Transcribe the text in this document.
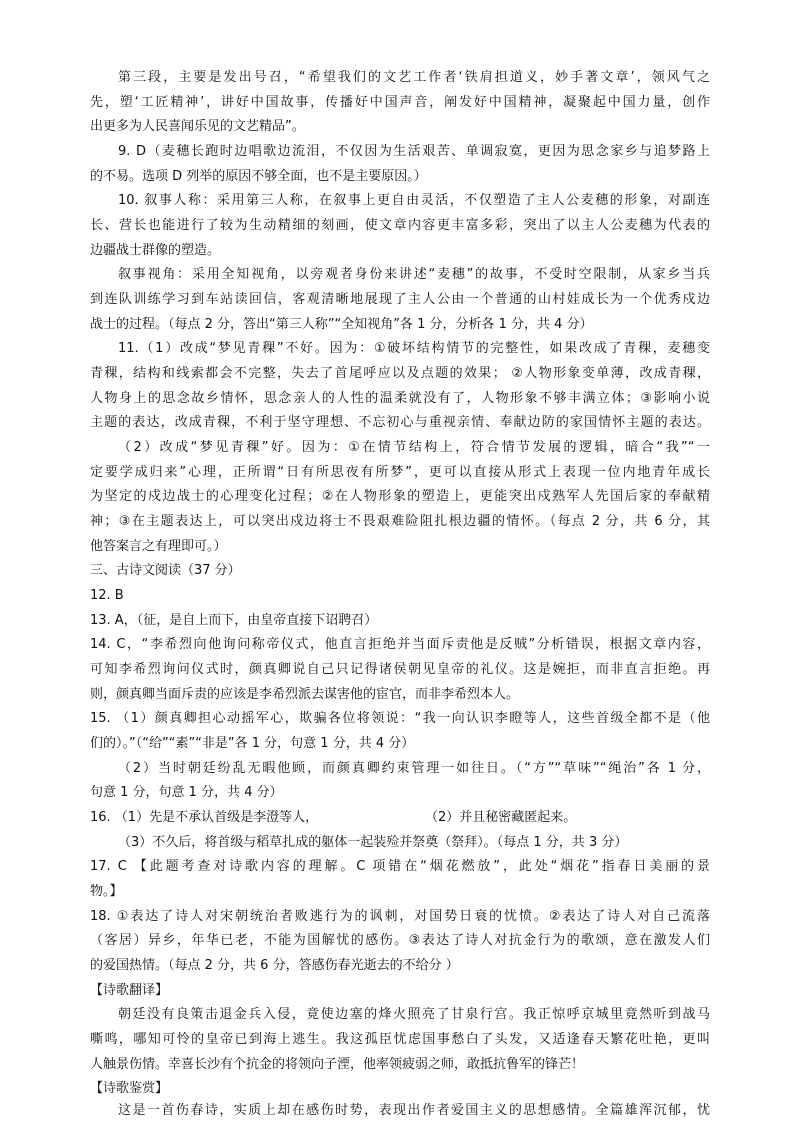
第三段，主要是发出号召，“希望我们的文艺工作者‘铁肩担道义，妙手著文章’，领风气之
先，塑‘工匠精神’，讲好中国故事，传播好中国声音，阐发好中国精神，凝聚起中国力量，创作
出更多为人民喜闻乐见的文艺精品”。
9. D（麦穗长跑时边唱歌边流泪，不仅因为生活艰苦、单调寂寞，更因为思念家乡与追梦路上
的不易。选项 D 列举的原因不够全面，也不是主要原因。）
10. 叙事人称：采用第三人称，在叙事上更自由灵活，不仅塑造了主人公麦穗的形象，对副连
长、营长也能进行了较为生动精细的刻画，使文章内容更丰富多彩，突出了以主人公麦穗为代表的
边疆战士群像的塑造。
叙事视角：采用全知视角，以旁观者身份来讲述“麦穗”的故事，不受时空限制，从家乡当兵
到连队训练学习到车站读回信，客观清晰地展现了主人公由一个普通的山村娃成长为一个优秀戍边
战士的过程。（每点 2 分，答出“第三人称”“全知视角”各 1 分，分析各 1 分，共 4 分）
11.（1）改成“梦见青稞”不好。因为：①破坏结构情节的完整性，如果改成了青稞，麦穗变
青稞，结构和线索都会不完整，失去了首尾呼应以及点题的效果； ②人物形象变单薄，改成青稞，
人物身上的思念故乡情怀，思念亲人的人性的温柔就没有了，人物形象不够丰满立体；③影响小说
主题的表达，改成青稞，不利于坚守理想、不忘初心与重视亲情、奉献边防的家国情怀主题的表达。
（2）改成“梦见青稞”好。因为：①在情节结构上，符合情节发展的逻辑，暗合“我”“一
定要学成归来”心理，正所谓“日有所思夜有所梦”，更可以直接从形式上表现一位内地青年成长
为坚定的戍边战士的心理变化过程；②在人物形象的塑造上，更能突出戍熟军人先国后家的奉献精
神；③在主题表达上，可以突出戍边将士不畏艰难险阻扎根边疆的情怀。（每点 2 分，共 6 分，其
他答案言之有理即可。）
三、古诗文阅读（37 分）
12. B
13. A，（征，是自上而下，由皇帝直接下诏聘召）
14. C，“李希烈向他询问称帝仪式，他直言拒绝并当面斥责他是反贼”分析错误，根据文章内容，
可知李希烈询问仪式时，颜真卿说自己只记得诸侯朝见皇帝的礼仪。这是婉拒，而非直言拒绝。再
则，颜真卿当面斥责的应该是李希烈派去谋害他的宦官，而非李希烈本人。
15. （1）颜真卿担心动摇军心，欺骗各位将领说：“我一向认识李瞪等人，这些首级全都不是（他
们的）。”（“给”“素”“非是”各 1 分，句意 1 分，共 4 分）
（2）当时朝廷纷乱无暇他顾，而颜真卿约束管理一如往日。（“方”“草味”“绳治”各 1 分，
句意 1 分，句意 1 分，共 4 分）
16. （1）先是不承认首级是李澄等人，	（2）并且秘密藏匿起来。
（3）不久后，将首级与稻草扎成的躯体一起装殓并祭奠（祭拜）。（每点 1 分，共 3 分）
17. C 【此题考查对诗歌内容的理解。C 项错在“烟花燃放”，此处“烟花”指春日美丽的景
物。】
18. ①表达了诗人对宋朝统治者败逃行为的讽刺，对国势日衰的忧愤。②表达了诗人对自己流落
（客居）异乡，年华已老，不能为国解忧的感伤。③表达了诗人对抗金行为的歌颂，意在激发人们
的爱国热情。（每点 2 分，共 6 分，答感伤春光逝去的不给分 ）
【诗歌翻译】
朝廷没有良策击退金兵入侵，竟使边塞的烽火照亮了甘泉行宫。我正惊呼京城里竟然听到战马
嘶鸣，哪知可怜的皇帝已到海上逃生。我这孤臣忧虑国事愁白了头发，又适逢春天繁花吐艳，更叫
人触景伤情。幸喜长沙有个抗金的将领向子湮，他率领疲弱之师，敢抵抗鲁军的锋芒！
【诗歌鉴赏】
这是一首伤春诗，实质上却在感伤时势，表现出作者爱国主义的思想感情。全篇雄浑沉郁，忧
